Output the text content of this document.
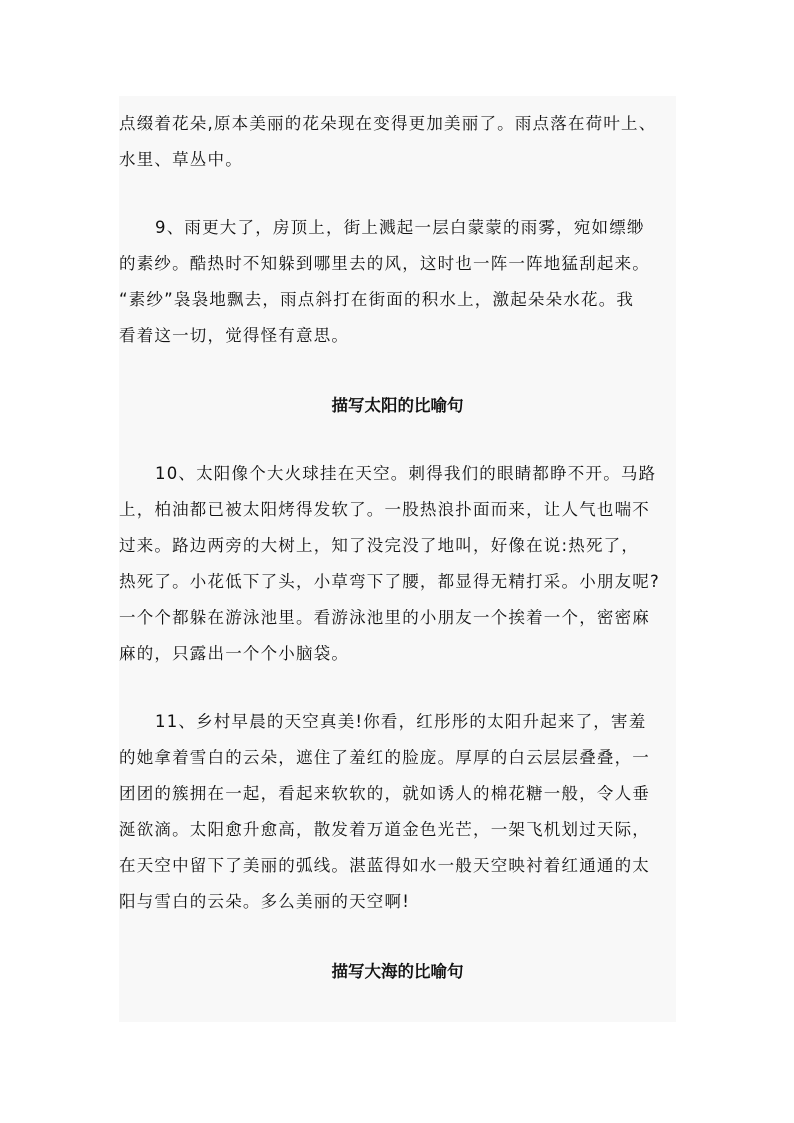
点缀着花朵,原本美丽的花朵现在变得更加美丽了。雨点落在荷叶上、
水里、草丛中。
9、雨更大了，房顶上，街上溅起一层白蒙蒙的雨雾，宛如缥缈
的素纱。酷热时不知躲到哪里去的风，这时也一阵一阵地猛刮起来。
“素纱”袅袅地飘去，雨点斜打在街面的积水上，激起朵朵水花。我
看着这一切，觉得怪有意思。
描写太阳的比喻句
10、太阳像个大火球挂在天空。刺得我们的眼睛都睁不开。马路
上，柏油都已被太阳烤得发软了。一股热浪扑面而来，让人气也喘不
过来。路边两旁的大树上，知了没完没了地叫，好像在说:热死了，
热死了。小花低下了头，小草弯下了腰，都显得无精打采。小朋友呢?
一个个都躲在游泳池里。看游泳池里的小朋友一个挨着一个，密密麻
麻的，只露出一个个小脑袋。
11、乡村早晨的天空真美!你看，红彤彤的太阳升起来了，害羞
的她拿着雪白的云朵，遮住了羞红的脸庞。厚厚的白云层层叠叠，一
团团的簇拥在一起，看起来软软的，就如诱人的棉花糖一般，令人垂
涎欲滴。太阳愈升愈高，散发着万道金色光芒，一架飞机划过天际，
在天空中留下了美丽的弧线。湛蓝得如水一般天空映衬着红通通的太
阳与雪白的云朵。多么美丽的天空啊!
描写大海的比喻句
